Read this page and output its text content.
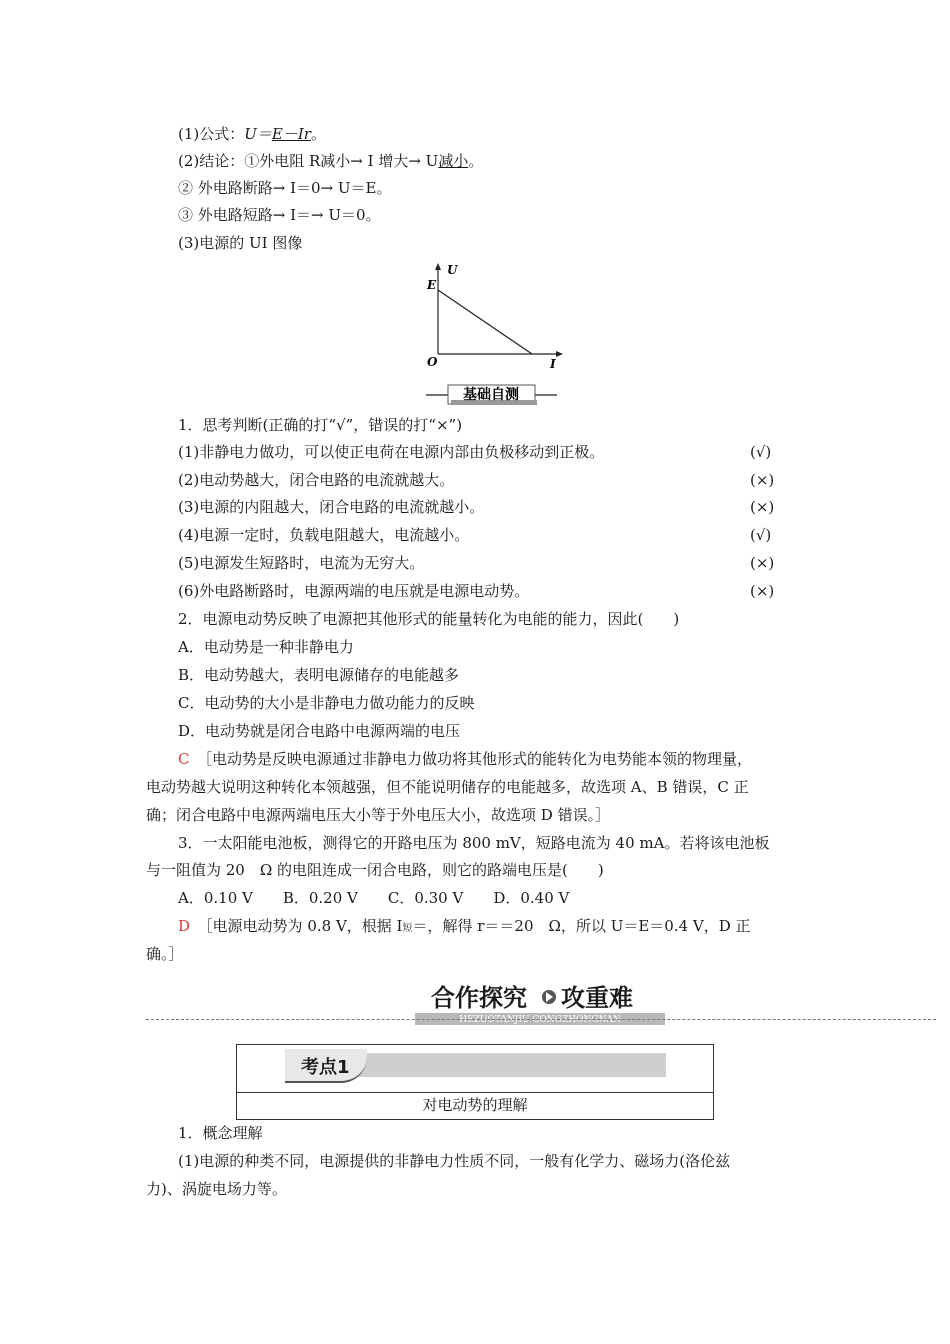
(1)公式：U＝E－Ir。
(2)结论：①外电阻 R减小→ I 增大→ U减小。
② 外电路断路→ I＝0→ U＝E。
③ 外电路短路→ I＝→ U＝0。
(3)电源的 UI 图像
U
E
O	I
基础自测
1．思考判断(正确的打“√”，错误的打“×”)
(1)非静电力做功，可以使正电荷在电源内部由负极移动到正极。	(√)
(2)电动势越大，闭合电路的电流就越大。	(×)
(3)电源的内阻越大，闭合电路的电流就越小。	(×)
(4)电源一定时，负载电阻越大，电流越小。	(√)
(5)电源发生短路时，电流为无穷大。	(×)
(6)外电路断路时，电源两端的电压就是电源电动势。	(×)
2．电源电动势反映了电源把其他形式的能量转化为电能的能力，因此(　　)
A．电动势是一种非静电力
B．电动势越大，表明电源储存的电能越多
C．电动势的大小是非静电力做功能力的反映
D．电动势就是闭合电路中电源两端的电压
C　 ［电动势是反映电源通过非静电力做功将其他形式的能转化为电势能本领的物理量，
电动势越大说明这种转化本领越强，但不能说明储存的电能越多，故选项 A、B 错误，C 正
确；闭合电路中电源两端电压大小等于外电压大小，故选项 D 错误。］
3．一太阳能电池板，测得它的开路电压为 800 mV，短路电流为 40 mA。若将该电池板
与一阻值为 20　Ω 的电阻连成一闭合电路，则它的路端电压是(　　)
A．0.10 V　　B．0.20 V　　C．0.30 V　　D．0.40 V
D　 ［电源电动势为 0.8 V，根据 I短＝，解得 r＝＝20　Ω，所以 U＝E＝0.4 V，D 正
确。］
合作探究 攻重难
HEZUOTANJIU GONGZHONGNAN
考点1
对电动势的理解
1．概念理解
(1)电源的种类不同，电源提供的非静电力性质不同，一般有化学力、磁场力(洛伦兹
力)、涡旋电场力等。
